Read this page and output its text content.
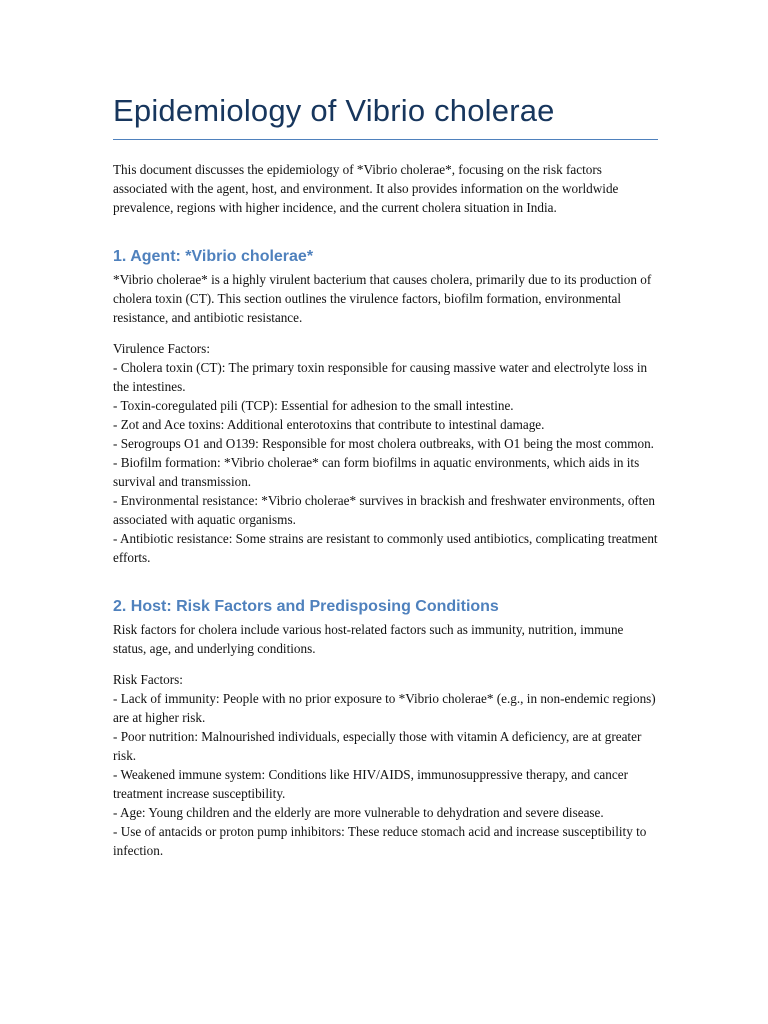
Epidemiology of Vibrio cholerae

This document discusses the epidemiology of *Vibrio cholerae*, focusing on the risk factors associated with the agent, host, and environment. It also provides information on the worldwide prevalence, regions with higher incidence, and the current cholera situation in India.

1. Agent: *Vibrio cholerae*

*Vibrio cholerae* is a highly virulent bacterium that causes cholera, primarily due to its production of cholera toxin (CT). This section outlines the virulence factors, biofilm formation, environmental resistance, and antibiotic resistance.

Virulence Factors:

- Cholera toxin (CT): The primary toxin responsible for causing massive water and electrolyte loss in the intestines.
- Toxin-coregulated pili (TCP): Essential for adhesion to the small intestine.
- Zot and Ace toxins: Additional enterotoxins that contribute to intestinal damage.
- Serogroups O1 and O139: Responsible for most cholera outbreaks, with O1 being the most common.
- Biofilm formation: *Vibrio cholerae* can form biofilms in aquatic environments, which aids in its survival and transmission.
- Environmental resistance: *Vibrio cholerae* survives in brackish and freshwater environments, often associated with aquatic organisms.
- Antibiotic resistance: Some strains are resistant to commonly used antibiotics, complicating treatment efforts.
2. Host: Risk Factors and Predisposing Conditions

Risk factors for cholera include various host-related factors such as immunity, nutrition, immune status, age, and underlying conditions.

Risk Factors:

- Lack of immunity: People with no prior exposure to *Vibrio cholerae* (e.g., in non-endemic regions) are at higher risk.
- Poor nutrition: Malnourished individuals, especially those with vitamin A deficiency, are at greater risk.
- Weakened immune system: Conditions like HIV/AIDS, immunosuppressive therapy, and cancer treatment increase susceptibility.
- Age: Young children and the elderly are more vulnerable to dehydration and severe disease.
- Use of antacids or proton pump inhibitors: These reduce stomach acid and increase susceptibility to infection.
